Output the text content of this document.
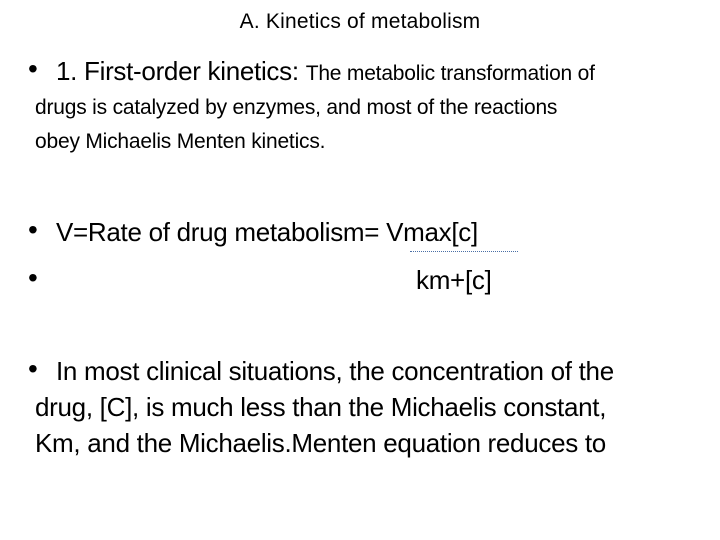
A. Kinetics of metabolism
• 1. First-order kinetics: The metabolic transformation of
drugs is catalyzed by enzymes, and most of the reactions
obey Michaelis Menten kinetics.
• V=Rate of drug metabolism= Vmax[c]
•	km+[c]
• In most clinical situations, the concentration of the
drug, [C], is much less than the Michaelis constant,
Km, and the Michaelis.Menten equation reduces to
